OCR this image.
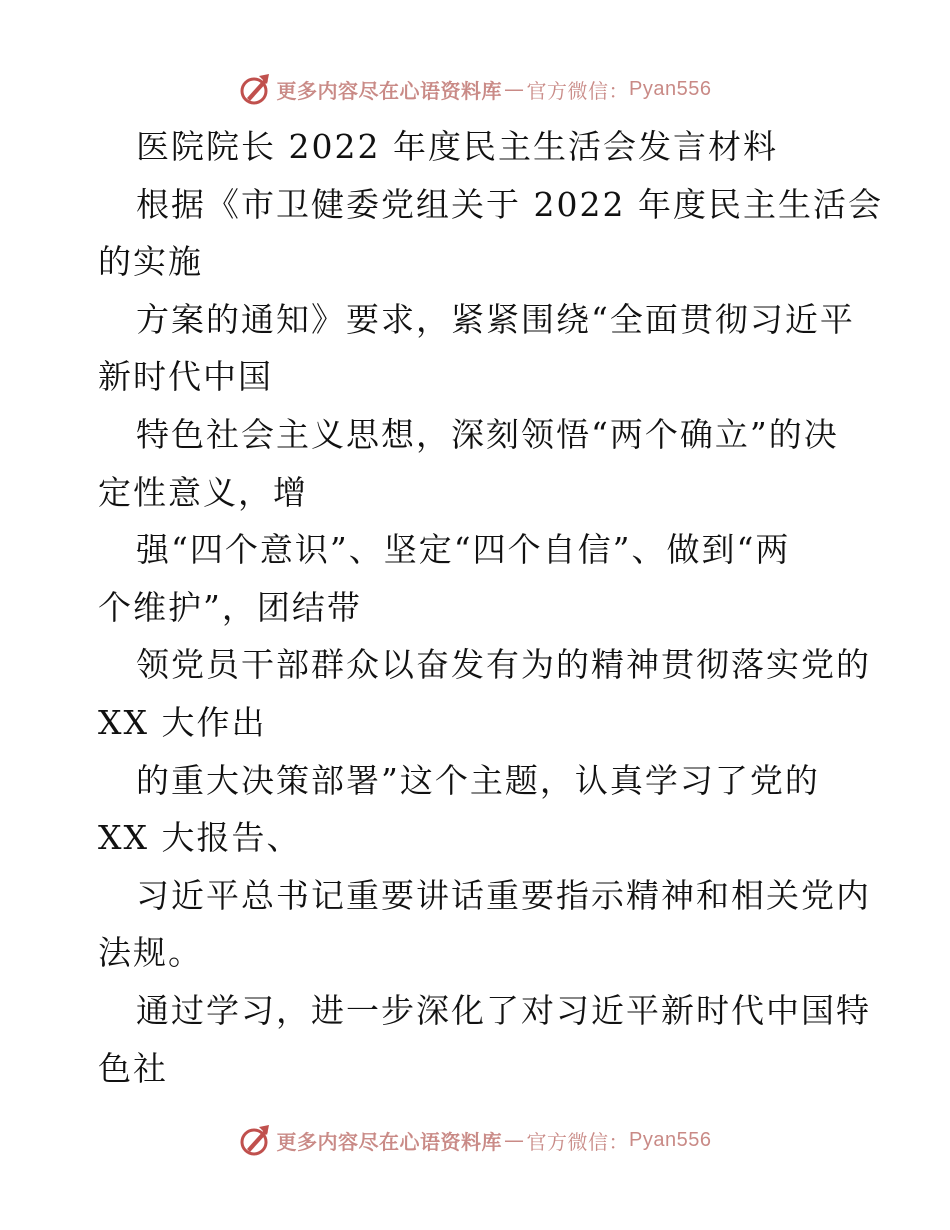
更多内容尽在心语资料库 — 官方微信： Pyan556
医院院长 2022 年度民主生活会发言材料
根据《市卫健委党组关于 2022 年度民主生活会
的实施
方案的通知》要求，紧紧围绕“全面贯彻习近平
新时代中国
特色社会主义思想，深刻领悟“两个确立”的决
定性意义，增
强“四个意识”、坚定“四个自信”、做到“两
个维护”，团结带
领党员干部群众以奋发有为的精神贯彻落实党的
XX 大作出
的重大决策部署”这个主题，认真学习了党的
XX 大报告、
习近平总书记重要讲话重要指示精神和相关党内
法规。
通过学习，进一步深化了对习近平新时代中国特
色社
更多内容尽在心语资料库 — 官方微信： Pyan556
